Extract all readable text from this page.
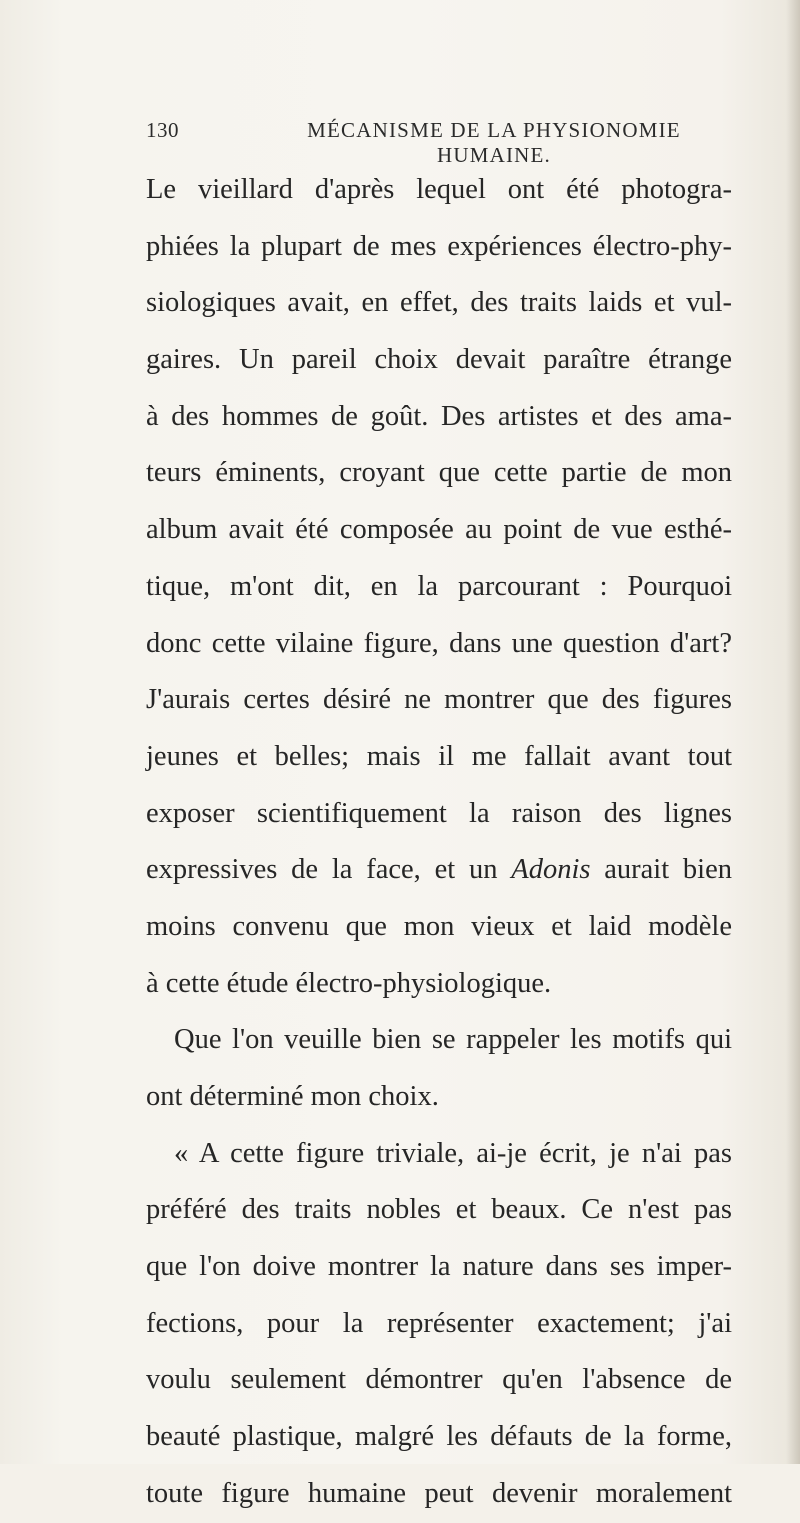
130	MÉCANISME DE LA PHYSIONOMIE HUMAINE.
Le vieillard d'après lequel ont été photogra-
phiées la plupart de mes expériences électro-phy-
siologiques avait, en effet, des traits laids et vul-
gaires. Un pareil choix devait paraître étrange
à des hommes de goût. Des artistes et des ama-
teurs éminents, croyant que cette partie de mon
album avait été composée au point de vue esthé-
tique, m'ont dit, en la parcourant : Pourquoi
donc cette vilaine figure, dans une question d'art?
J'aurais certes désiré ne montrer que des figures
jeunes et belles; mais il me fallait avant tout
exposer scientifiquement la raison des lignes
expressives de la face, et un Adonis aurait bien
moins convenu que mon vieux et laid modèle
à cette étude électro-physiologique.
Que l'on veuille bien se rappeler les motifs qui
ont déterminé mon choix.
« A cette figure triviale, ai-je écrit, je n'ai pas
préféré des traits nobles et beaux. Ce n'est pas
que l'on doive montrer la nature dans ses imper-
fections, pour la représenter exactement; j'ai
voulu seulement démontrer qu'en l'absence de
beauté plastique, malgré les défauts de la forme,
toute figure humaine peut devenir moralement
